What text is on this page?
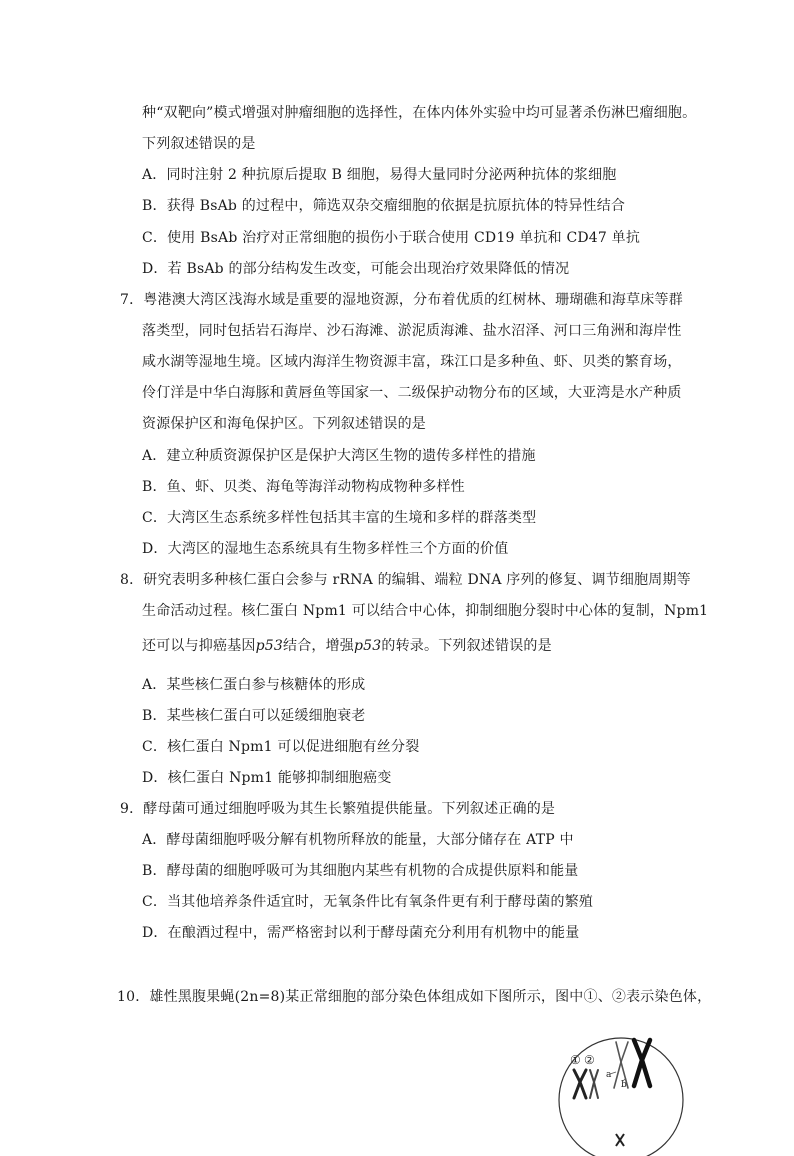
种“双靶向”模式增强对肿瘤细胞的选择性，在体内体外实验中均可显著杀伤淋巴瘤细胞。
下列叙述错误的是
A．同时注射 2 种抗原后提取 B 细胞，易得大量同时分泌两种抗体的浆细胞
B．获得 BsAb 的过程中，筛选双杂交瘤细胞的依据是抗原抗体的特异性结合
C．使用 BsAb 治疗对正常细胞的损伤小于联合使用 CD19 单抗和 CD47 单抗
D．若 BsAb 的部分结构发生改变，可能会出现治疗效果降低的情况
7．粤港澳大湾区浅海水域是重要的湿地资源，分布着优质的红树林、珊瑚礁和海草床等群
落类型，同时包括岩石海岸、沙石海滩、淤泥质海滩、盐水沼泽、河口三角洲和海岸性
咸水湖等湿地生境。区域内海洋生物资源丰富，珠江口是多种鱼、虾、贝类的繁育场，
伶仃洋是中华白海豚和黄唇鱼等国家一、二级保护动物分布的区域，大亚湾是水产种质
资源保护区和海龟保护区。下列叙述错误的是
A．建立种质资源保护区是保护大湾区生物的遗传多样性的措施
B．鱼、虾、贝类、海龟等海洋动物构成物种多样性
C．大湾区生态系统多样性包括其丰富的生境和多样的群落类型
D．大湾区的湿地生态系统具有生物多样性三个方面的价值
8．研究表明多种核仁蛋白会参与 rRNA 的编辑、端粒 DNA 序列的修复、调节细胞周期等
生命活动过程。核仁蛋白 Npm1 可以结合中心体，抑制细胞分裂时中心体的复制，Npm1
还可以与抑癌基因p53结合，增强p53的转录。下列叙述错误的是
A．某些核仁蛋白参与核糖体的形成
B．某些核仁蛋白可以延缓细胞衰老
C．核仁蛋白 Npm1 可以促进细胞有丝分裂
D．核仁蛋白 Npm1 能够抑制细胞癌变
9．酵母菌可通过细胞呼吸为其生长繁殖提供能量。下列叙述正确的是
A．酵母菌细胞呼吸分解有机物所释放的能量，大部分储存在 ATP 中
B．酵母菌的细胞呼吸可为其细胞内某些有机物的合成提供原料和能量
C．当其他培养条件适宜时，无氧条件比有氧条件更有利于酵母菌的繁殖
D．在酿酒过程中，需严格密封以利于酵母菌充分利用有机物中的能量
10．雄性黑腹果蝇(2n=8)某正常细胞的部分染色体组成如下图所示，图中①、②表示染色体，
① ②
a
b
